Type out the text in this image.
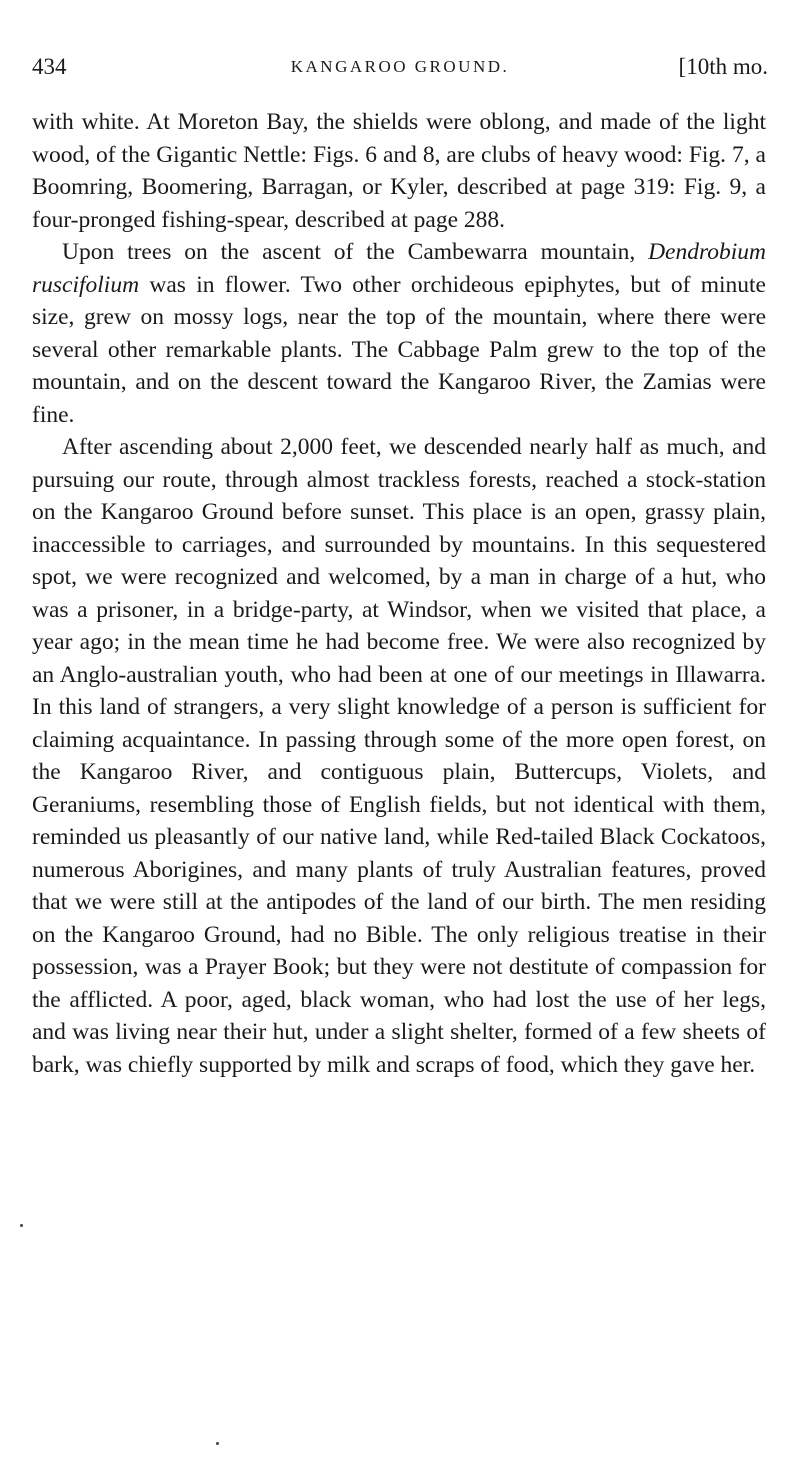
434	KANGAROO GROUND.	[10th mo.

with white. At Moreton Bay, the shields were oblong, and made of the light wood, of the Gigantic Nettle: Figs. 6 and 8, are clubs of heavy wood: Fig. 7, a Boomring, Boomering, Barragan, or Kyler, described at page 319: Fig. 9, a four-pronged fishing-spear, described at page 288.

Upon trees on the ascent of the Cambewarra mountain, Dendrobium ruscifolium was in flower. Two other orchideous epiphytes, but of minute size, grew on mossy logs, near the top of the mountain, where there were several other remarkable plants. The Cabbage Palm grew to the top of the mountain, and on the descent toward the Kangaroo River, the Zamias were fine.

After ascending about 2,000 feet, we descended nearly half as much, and pursuing our route, through almost trackless forests, reached a stock-station on the Kangaroo Ground before sunset. This place is an open, grassy plain, inaccessible to carriages, and surrounded by mountains. In this sequestered spot, we were recognized and welcomed, by a man in charge of a hut, who was a prisoner, in a bridge-party, at Windsor, when we visited that place, a year ago; in the mean time he had become free. We were also recognized by an Anglo-australian youth, who had been at one of our meetings in Illawarra. In this land of strangers, a very slight knowledge of a person is sufficient for claiming acquaintance. In passing through some of the more open forest, on the Kangaroo River, and contiguous plain, Buttercups, Violets, and Geraniums, resembling those of English fields, but not identical with them, reminded us pleasantly of our native land, while Red-tailed Black Cockatoos, numerous Aborigines, and many plants of truly Australian features, proved that we were still at the antipodes of the land of our birth. The men residing on the Kangaroo Ground, had no Bible. The only religious treatise in their possession, was a Prayer Book; but they were not destitute of compassion for the afflicted. A poor, aged, black woman, who had lost the use of her legs, and was living near their hut, under a slight shelter, formed of a few sheets of bark, was chiefly supported by milk and scraps of food, which they gave her.
